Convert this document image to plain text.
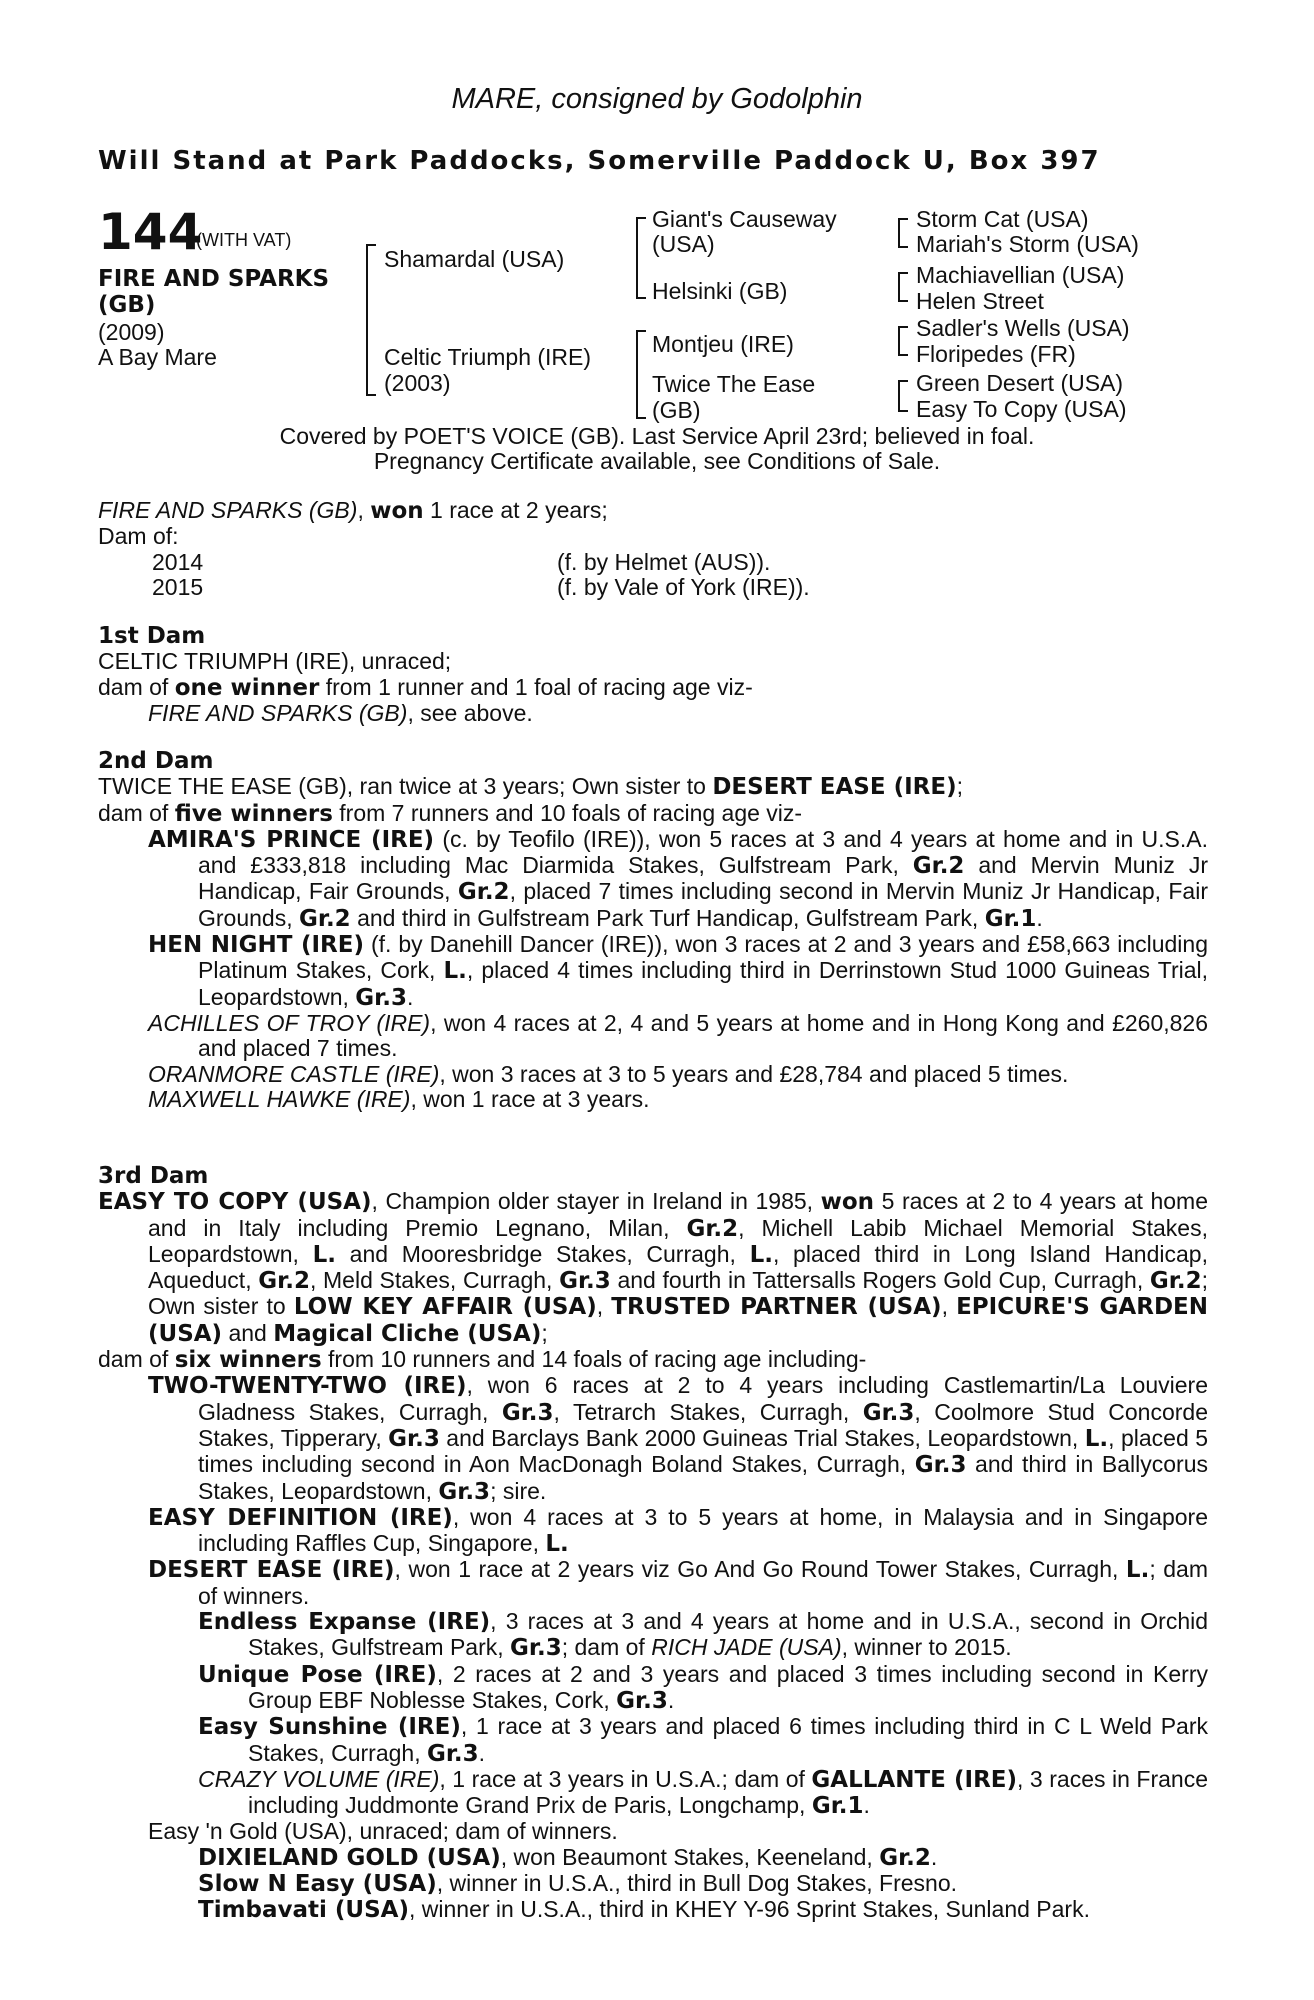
MARE, consigned by Godolphin
Will Stand at Park Paddocks, Somerville Paddock U, Box 397
144
(WITH VAT)
FIRE AND SPARKS
(GB)
(2009)
A Bay Mare
Shamardal (USA)
Celtic Triumph (IRE)
(2003)
Giant's Causeway
(USA)
Helsinki (GB)
Montjeu (IRE)
Twice The Ease
(GB)
Storm Cat (USA)
Mariah's Storm (USA)
Machiavellian (USA)
Helen Street
Sadler's Wells (USA)
Floripedes (FR)
Green Desert (USA)
Easy To Copy (USA)
Covered by POET'S VOICE (GB). Last Service April 23rd; believed in foal.
Pregnancy Certificate available, see Conditions of Sale.

FIRE AND SPARKS (GB), won 1 race at 2 years;

Dam of:

2014	(f. by Helmet (AUS)).
2015	(f. by Vale of York (IRE)).

1st Dam

CELTIC TRIUMPH (IRE), unraced;

dam of one winner from 1 runner and 1 foal of racing age viz-

FIRE AND SPARKS (GB), see above.

2nd Dam

TWICE THE EASE (GB), ran twice at 3 years; Own sister to DESERT EASE (IRE);

dam of five winners from 7 runners and 10 foals of racing age viz-

AMIRA'S PRINCE (IRE) (c. by Teofilo (IRE)), won 5 races at 3 and 4 years at home and in U.S.A. and £333,818 including Mac Diarmida Stakes, Gulfstream Park, Gr.2 and Mervin Muniz Jr Handicap, Fair Grounds, Gr.2, placed 7 times including second in Mervin Muniz Jr Handicap, Fair Grounds, Gr.2 and third in Gulfstream Park Turf Handicap, Gulfstream Park, Gr.1.

HEN NIGHT (IRE) (f. by Danehill Dancer (IRE)), won 3 races at 2 and 3 years and £58,663 including Platinum Stakes, Cork, L., placed 4 times including third in Derrinstown Stud 1000 Guineas Trial, Leopardstown, Gr.3.

ACHILLES OF TROY (IRE), won 4 races at 2, 4 and 5 years at home and in Hong Kong and £260,826 and placed 7 times.

ORANMORE CASTLE (IRE), won 3 races at 3 to 5 years and £28,784 and placed 5 times.

MAXWELL HAWKE (IRE), won 1 race at 3 years.

3rd Dam

EASY TO COPY (USA), Champion older stayer in Ireland in 1985, won 5 races at 2 to 4 years at home and in Italy including Premio Legnano, Milan, Gr.2, Michell Labib Michael Memorial Stakes, Leopardstown, L. and Mooresbridge Stakes, Curragh, L., placed third in Long Island Handicap, Aqueduct, Gr.2, Meld Stakes, Curragh, Gr.3 and fourth in Tattersalls Rogers Gold Cup, Curragh, Gr.2; Own sister to LOW KEY AFFAIR (USA), TRUSTED PARTNER (USA), EPICURE'S GARDEN (USA) and Magical Cliche (USA);

dam of six winners from 10 runners and 14 foals of racing age including-

TWO-TWENTY-TWO (IRE), won 6 races at 2 to 4 years including Castlemartin/La Louviere Gladness Stakes, Curragh, Gr.3, Tetrarch Stakes, Curragh, Gr.3, Coolmore Stud Concorde Stakes, Tipperary, Gr.3 and Barclays Bank 2000 Guineas Trial Stakes, Leopardstown, L., placed 5 times including second in Aon MacDonagh Boland Stakes, Curragh, Gr.3 and third in Ballycorus Stakes, Leopardstown, Gr.3; sire.

EASY DEFINITION (IRE), won 4 races at 3 to 5 years at home, in Malaysia and in Singapore including Raffles Cup, Singapore, L.

DESERT EASE (IRE), won 1 race at 2 years viz Go And Go Round Tower Stakes, Curragh, L.; dam of winners.

Endless Expanse (IRE), 3 races at 3 and 4 years at home and in U.S.A., second in Orchid Stakes, Gulfstream Park, Gr.3; dam of RICH JADE (USA), winner to 2015.

Unique Pose (IRE), 2 races at 2 and 3 years and placed 3 times including second in Kerry Group EBF Noblesse Stakes, Cork, Gr.3.

Easy Sunshine (IRE), 1 race at 3 years and placed 6 times including third in C L Weld Park Stakes, Curragh, Gr.3.

CRAZY VOLUME (IRE), 1 race at 3 years in U.S.A.; dam of GALLANTE (IRE), 3 races in France including Juddmonte Grand Prix de Paris, Longchamp, Gr.1.

Easy 'n Gold (USA), unraced; dam of winners.

DIXIELAND GOLD (USA), won Beaumont Stakes, Keeneland, Gr.2.

Slow N Easy (USA), winner in U.S.A., third in Bull Dog Stakes, Fresno.

Timbavati (USA), winner in U.S.A., third in KHEY Y-96 Sprint Stakes, Sunland Park.
